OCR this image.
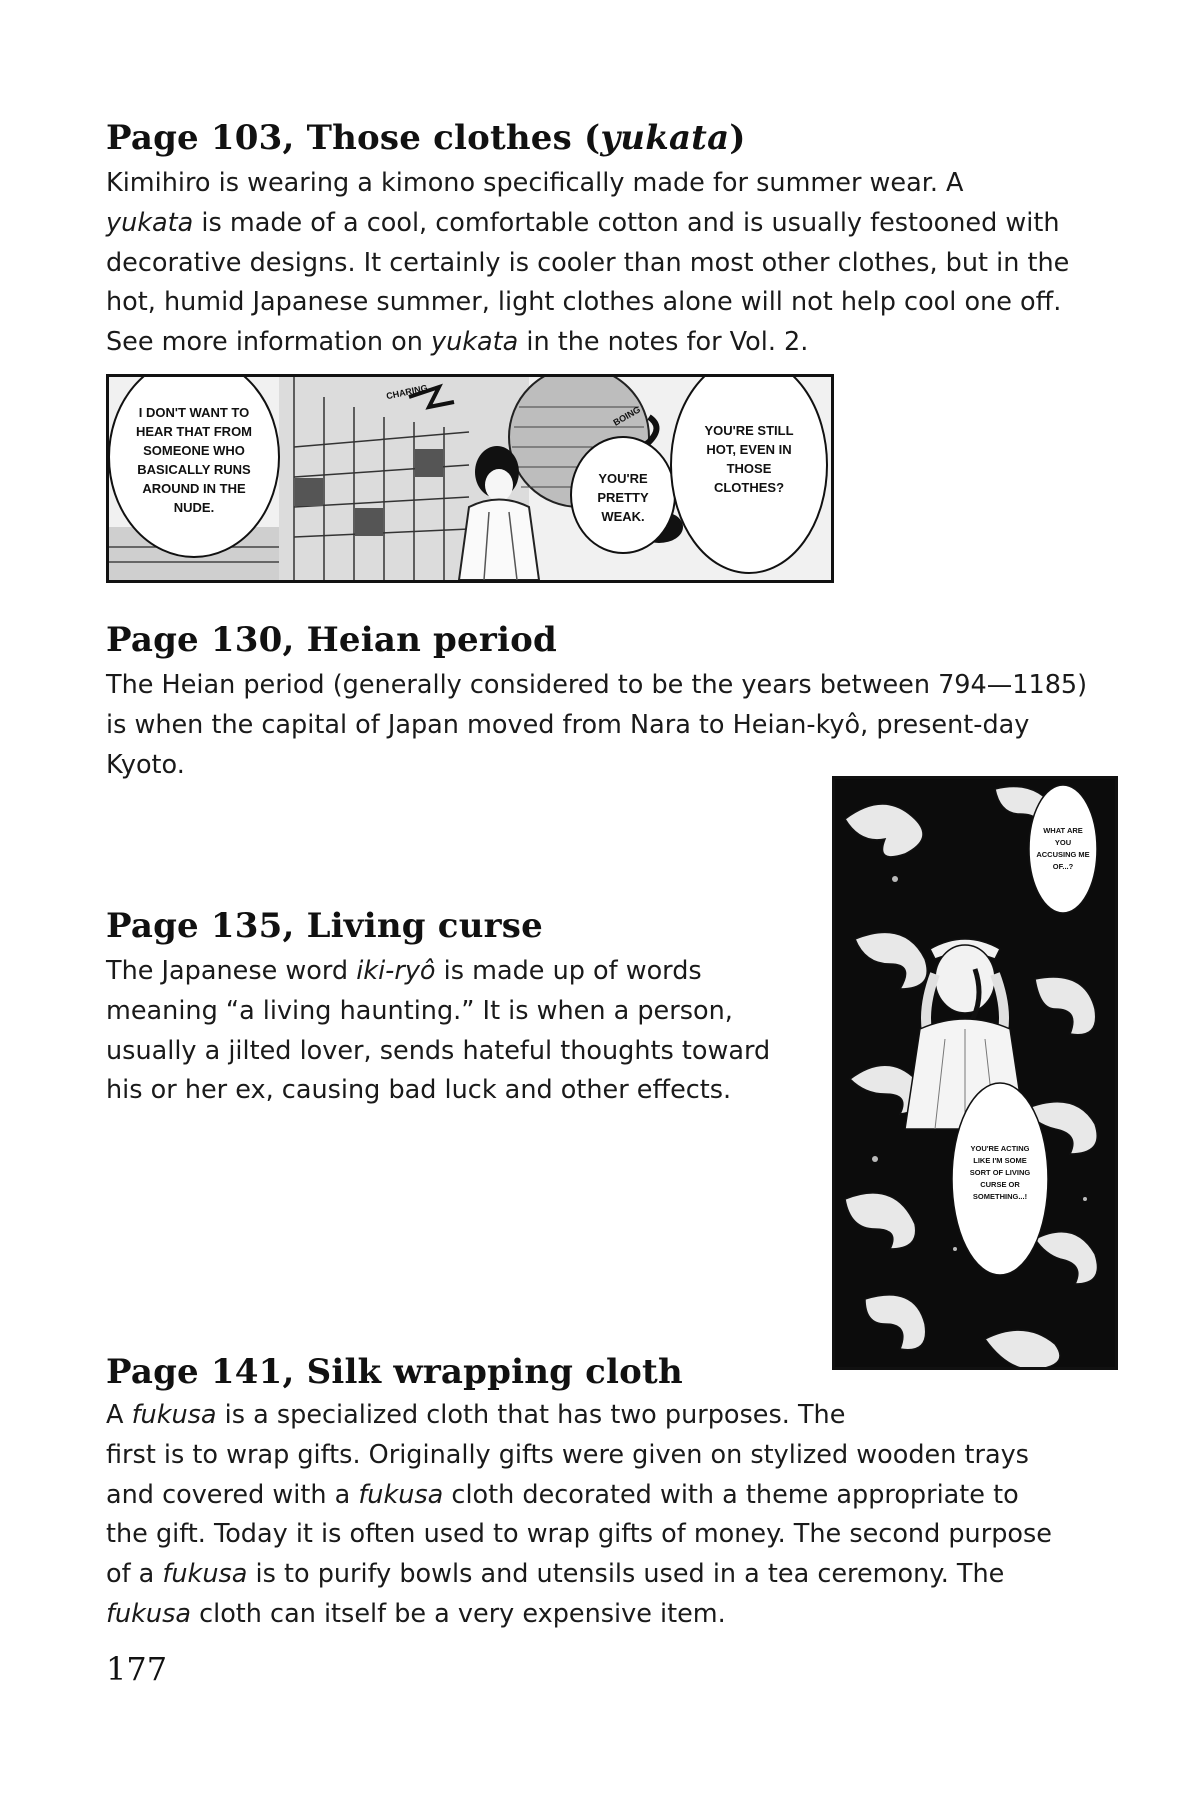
Page 103, Those clothes (yukata)
Kimihiro is wearing a kimono specifically made for summer wear. A
yukata is made of a cool, comfortable cotton and is usually festooned with
decorative designs. It certainly is cooler than most other clothes, but in the
hot, humid Japanese summer, light clothes alone will not help cool one off.
See more information on yukata in the notes for Vol. 2.
I DON'T WANT TO HEAR THAT FROM SOMEONE WHO BASICALLY RUNS AROUND IN THE NUDE.
YOU'RE PRETTY WEAK.
YOU'RE STILL HOT, EVEN IN THOSE CLOTHES?
CHARING
BOING
Page 130, Heian period
The Heian period (generally considered to be the years between 794—1185)
is when the capital of Japan moved from Nara to Heian-kyô, present-day
Kyoto.
WHAT ARE YOU ACCUSING ME OF...?
YOU'RE ACTING LIKE I'M SOME SORT OF LIVING CURSE OR SOMETHING...!
Page 135, Living curse
The Japanese word iki-ryô is made up of words
meaning “a living haunting.” It is when a person,
usually a jilted lover, sends hateful thoughts toward
his or her ex, causing bad luck and other effects.
Page 141, Silk wrapping cloth
A fukusa is a specialized cloth that has two purposes. The
first is to wrap gifts. Originally gifts were given on stylized wooden trays
and covered with a fukusa cloth decorated with a theme appropriate to
the gift. Today it is often used to wrap gifts of money. The second purpose
of a fukusa is to purify bowls and utensils used in a tea ceremony. The
fukusa cloth can itself be a very expensive item.
177
